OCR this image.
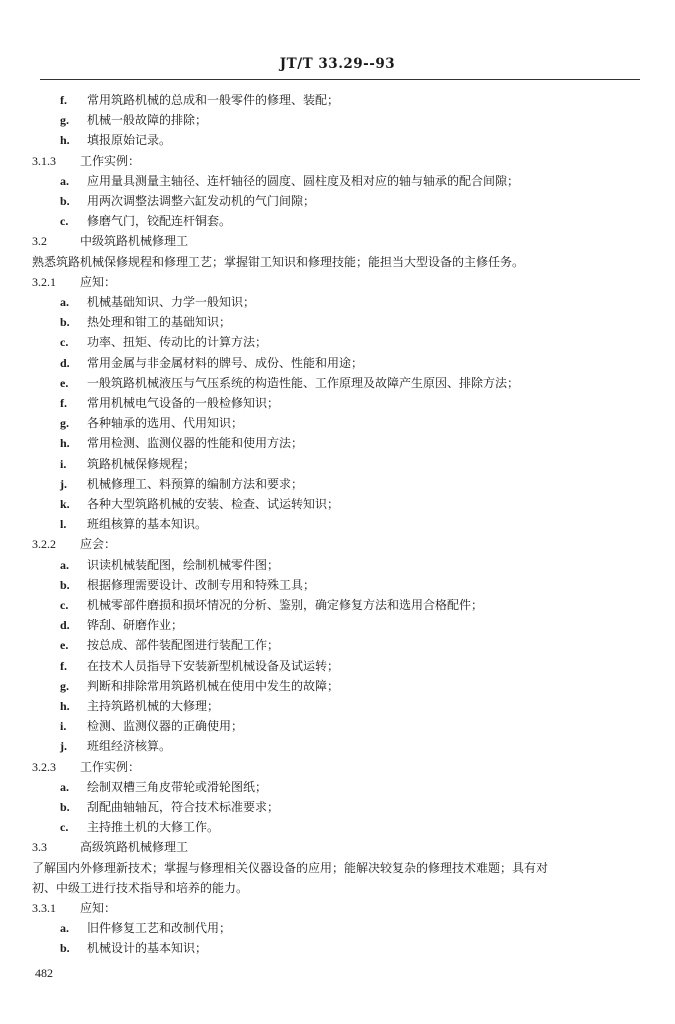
JT/T 33.29--93
f. 常用筑路机械的总成和一般零件的修理、装配；
g. 机械一般故障的排除；
h. 填报原始记录。
3.1.3 工作实例：
a. 应用量具测量主轴径、连杆轴径的圆度、圆柱度及相对应的轴与轴承的配合间隙；
b. 用两次调整法调整六缸发动机的气门间隙；
c. 修磨气门，铰配连杆铜套。
3.2	中级筑路机械修理工
熟悉筑路机械保修规程和修理工艺；掌握钳工知识和修理技能；能担当大型设备的主修任务。
3.2.1 应知：
a. 机械基础知识、力学一般知识；
b. 热处理和钳工的基础知识；
c. 功率、扭矩、传动比的计算方法；
d. 常用金属与非金属材料的牌号、成份、性能和用途；
e. 一般筑路机械液压与气压系统的构造性能、工作原理及故障产生原因、排除方法；
f. 常用机械电气设备的一般检修知识；
g. 各种轴承的选用、代用知识；
h. 常用检测、监测仪器的性能和使用方法；
i. 筑路机械保修规程；
j. 机械修理工、料预算的编制方法和要求；
k. 各种大型筑路机械的安装、检查、试运转知识；
l. 班组核算的基本知识。
3.2.2 应会：
a. 识读机械装配图，绘制机械零件图；
b. 根据修理需要设计、改制专用和特殊工具；
c. 机械零部件磨损和损坏情况的分析、鉴别，确定修复方法和选用合格配件；
d. 铧刮、研磨作业；
e. 按总成、部件装配图进行装配工作；
f. 在技术人员指导下安装新型机械设备及试运转；
g. 判断和排除常用筑路机械在使用中发生的故障；
h. 主持筑路机械的大修理；
i. 检测、监测仪器的正确使用；
j. 班组经济核算。
3.2.3 工作实例：
a. 绘制双槽三角皮带轮或滑轮图纸；
b. 刮配曲轴轴瓦，符合技术标准要求；
c. 主持推土机的大修工作。
3.3	高级筑路机械修理工
了解国内外修理新技术；掌握与修理相关仪器设备的应用；能解决较复杂的修理技术难题；具有对
初、中级工进行技术指导和培养的能力。
3.3.1 应知：
a. 旧件修复工艺和改制代用；
b. 机械设计的基本知识；
482
